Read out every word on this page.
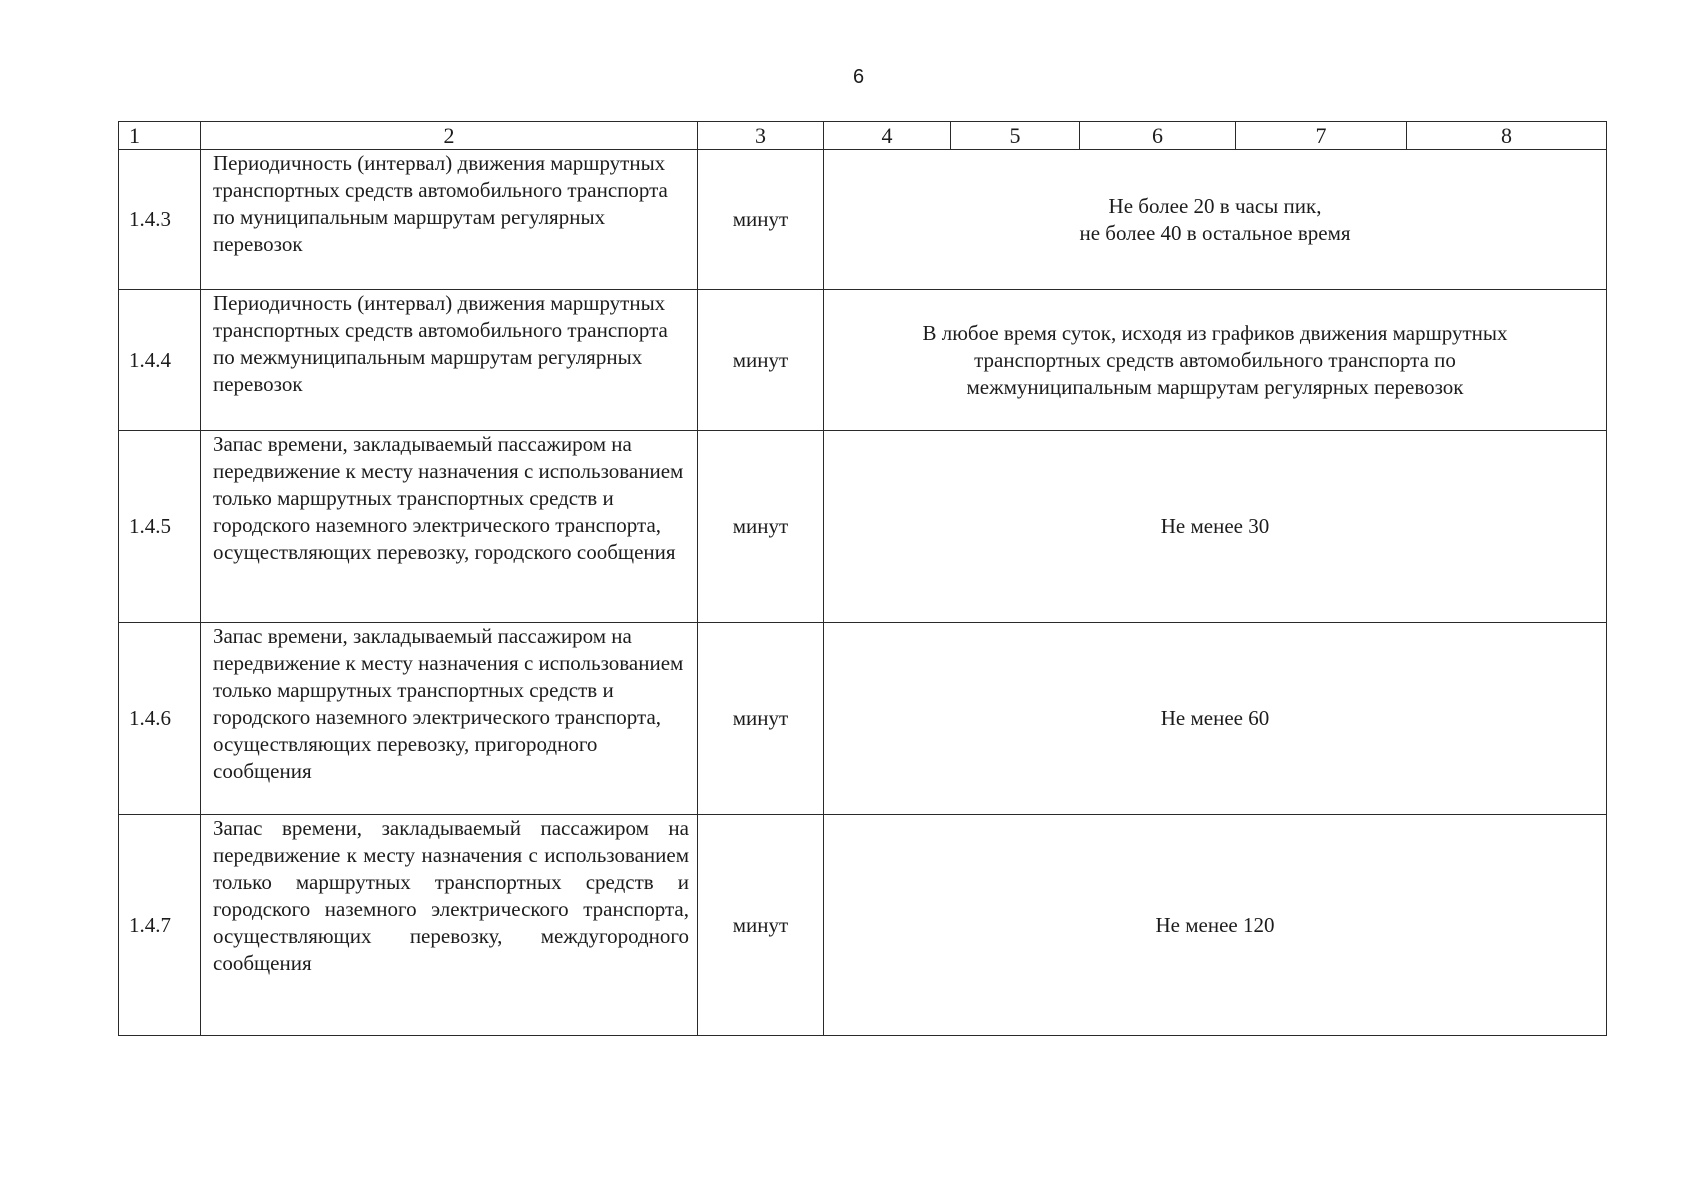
6
1	2	3	4	5	6	7	8
1.4.3	Периодичность (интервал) движения маршрутных транспортных средств автомобильного транспорта по муниципальным маршрутам регулярных перевозок	минут	Не более 20 в часы пик,
не более 40 в остальное время				

1.4.4	Периодичность (интервал) движения маршрутных транспортных средств автомобильного транспорта по межмуниципальным маршрутам регулярных перевозок	минут	В любое время суток, исходя из графиков движения маршрутных
транспортных средств автомобильного транспорта по
межмуниципальным маршрутам регулярных перевозок				

1.4.5	Запас времени, закладываемый пассажиром на передвижение к месту назначения с использованием только маршрутных транспортных средств и городского наземного электрического транспорта, осуществляющих перевозку, городского сообщения	минут	Не менее 30				

1.4.6	Запас времени, закладываемый пассажиром на передвижение к месту назначения с использованием только маршрутных транспортных средств и городского наземного электрического транспорта, осуществляющих перевозку, пригородного сообщения	минут	Не менее 60				

1.4.7	Запас времени, закладываемый пассажиром на передвижение к месту назначения с использованием только маршрутных транспортных средств и городского наземного электрического транспорта, осуществляющих перевозку, междугородного сообщения	минут	Не менее 120				
